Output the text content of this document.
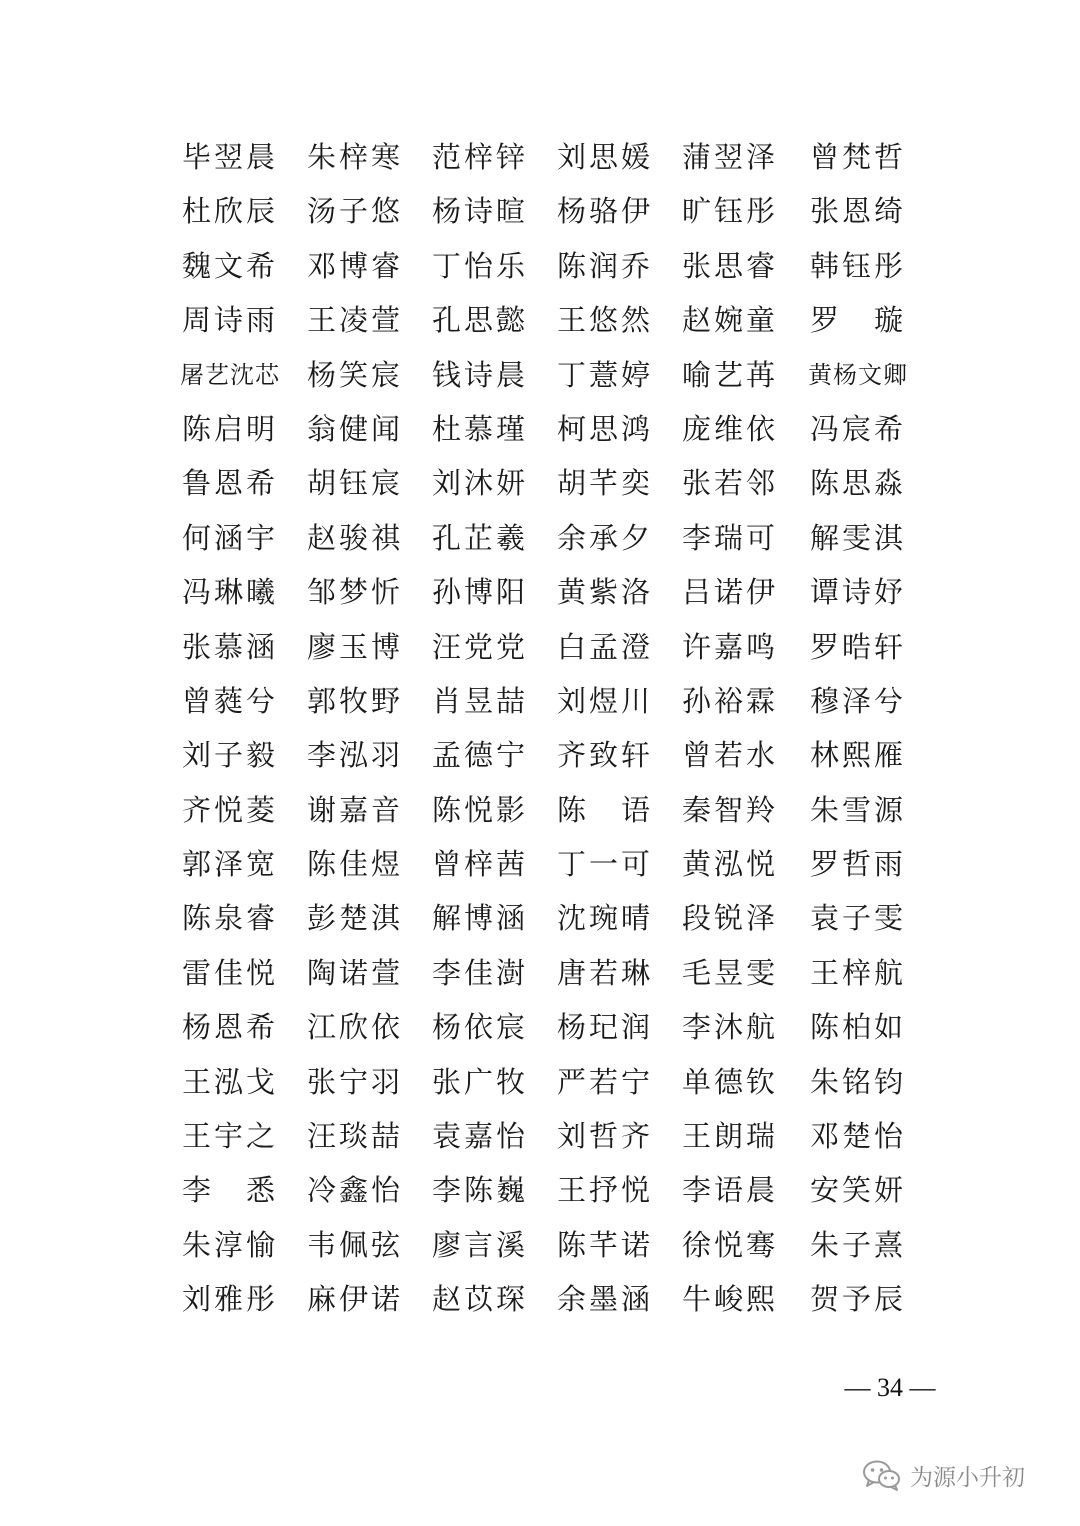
毕翌晨 朱梓寒 范梓锌 刘思媛 蒲翌泽	曾梵哲
杜欣辰 汤子悠 杨诗暄 杨骆伊 旷钰彤	张恩绮
魏文希 邓博睿 丁怡乐 陈润乔 张思睿	韩钰彤
周诗雨 王凌萱 孔思懿 王悠然 赵婉童	罗　璇
屠艺沈芯 杨笑宸 钱诗晨 丁薏婷 喻艺苒	黄杨文卿
陈启明 翁健闻 杜慕瑾 柯思鸿 庞维依	冯宸希
鲁恩希 胡钰宸 刘沐妍 胡芊奕 张若邻	陈思淼
何涵宇 赵骏祺 孔芷羲 余承夕 李瑞可	解雯淇
冯琳曦 邹梦忻 孙博阳 黄紫洛 吕诺伊	谭诗妤
张慕涵 廖玉博 汪党党 白孟澄 许嘉鸣	罗晧轩
曾蕤兮 郭牧野 肖昱喆 刘煜川 孙裕霖	穆泽兮
刘子毅 李泓羽 孟德宁 齐致轩 曾若水	林熙雁
齐悦菱 谢嘉音 陈悦影 陈　语 秦智羚	朱雪源
郭泽宽 陈佳煜 曾梓茜 丁一可 黄泓悦	罗哲雨
陈泉睿 彭楚淇 解博涵 沈琬晴 段锐泽	袁子雯
雷佳悦 陶诺萱 李佳澍 唐若琳 毛昱雯	王梓航
杨恩希 江欣依 杨依宸 杨玘润 李沐航	陈柏如
王泓戈 张宁羽 张广牧 严若宁 单德钦	朱铭钧
王宇之 汪琰喆 袁嘉怡 刘哲齐 王朗瑞	邓楚怡
李　悉 冷鑫怡 李陈巍 王抒悦 李语晨	安笑妍
朱淳愉 韦佩弦 廖言溪 陈芊诺 徐悦骞	朱子熹
刘雅彤 麻伊诺 赵苡琛 余墨涵 牛峻熙	贺予辰
— 34 —
为源小升初
